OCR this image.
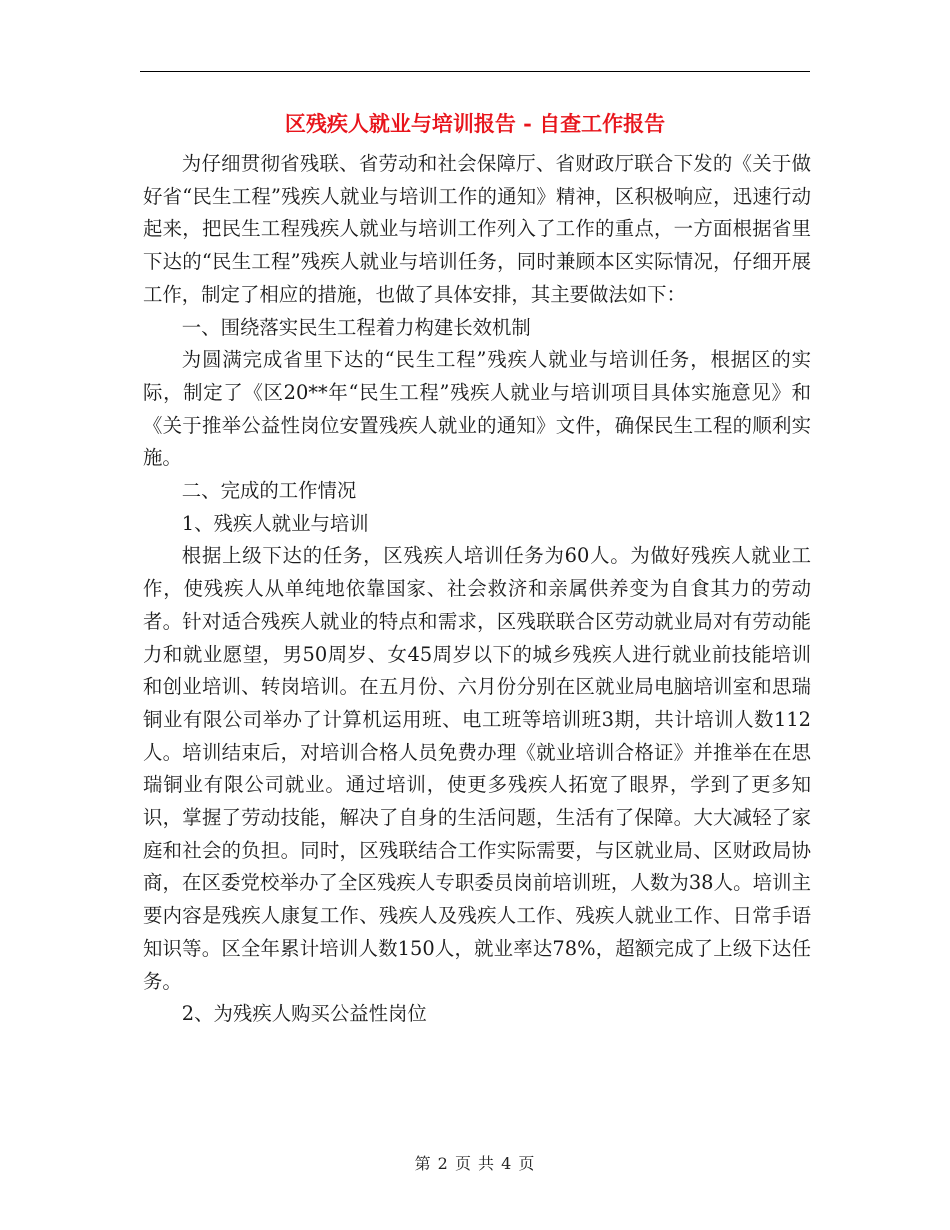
区残疾人就业与培训报告 - 自查工作报告

为仔细贯彻省残联、省劳动和社会保障厅、省财政厅联合下发的《关于做好省“民生工程”残疾人就业与培训工作的通知》精神，区积极响应，迅速行动起来，把民生工程残疾人就业与培训工作列入了工作的重点，一方面根据省里下达的“民生工程”残疾人就业与培训任务，同时兼顾本区实际情况，仔细开展工作，制定了相应的措施，也做了具体安排，其主要做法如下：

一、围绕落实民生工程着力构建长效机制

为圆满完成省里下达的“民生工程”残疾人就业与培训任务，根据区的实际，制定了《区20**年“民生工程”残疾人就业与培训项目具体实施意见》和《关于推举公益性岗位安置残疾人就业的通知》文件，确保民生工程的顺利实施。

二、完成的工作情况

1、残疾人就业与培训

根据上级下达的任务，区残疾人培训任务为60人。为做好残疾人就业工作，使残疾人从单纯地依靠国家、社会救济和亲属供养变为自食其力的劳动者。针对适合残疾人就业的特点和需求，区残联联合区劳动就业局对有劳动能力和就业愿望，男50周岁、女45周岁以下的城乡残疾人进行就业前技能培训和创业培训、转岗培训。在五月份、六月份分别在区就业局电脑培训室和思瑞铜业有限公司举办了计算机运用班、电工班等培训班3期，共计培训人数112人。培训结束后，对培训合格人员免费办理《就业培训合格证》并推举在在思瑞铜业有限公司就业。通过培训，使更多残疾人拓宽了眼界，学到了更多知识，掌握了劳动技能，解决了自身的生活问题，生活有了保障。大大减轻了家庭和社会的负担。同时，区残联结合工作实际需要，与区就业局、区财政局协商，在区委党校举办了全区残疾人专职委员岗前培训班，人数为38人。培训主要内容是残疾人康复工作、残疾人及残疾人工作、残疾人就业工作、日常手语知识等。区全年累计培训人数150人，就业率达78%，超额完成了上级下达任务。

2、为残疾人购买公益性岗位

第 2 页 共 4 页
